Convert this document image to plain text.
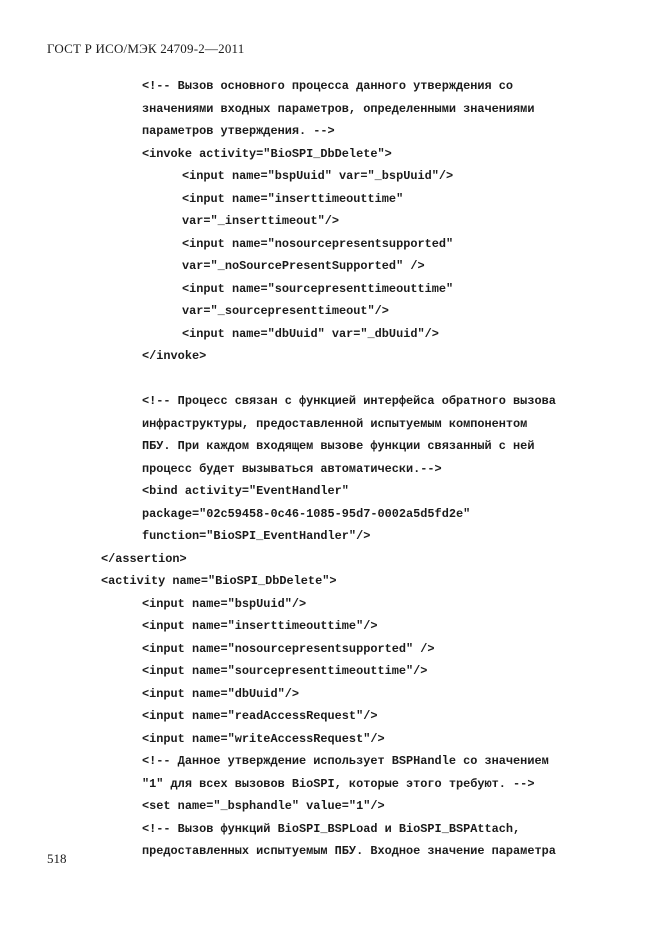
ГОСТ Р ИСО/МЭК 24709-2—2011
<!-- Вызов основного процесса данного утверждения со
значениями входных параметров, определенными значениями
параметров утверждения. -->
<invoke activity="BioSPI_DbDelete">
<input name="bspUuid" var="_bspUuid"/>
<input name="inserttimeouttime"
var="_inserttimeout"/>
<input name="nosourcepresentsupported"
var="_noSourcePresentSupported" />
<input name="sourcepresenttimeouttime"
var="_sourcepresenttimeout"/>
<input name="dbUuid" var="_dbUuid"/>
</invoke>
<!-- Процесс связан с функцией интерфейса обратного вызова
инфраструктуры, предоставленной испытуемым компонентом
ПБУ. При каждом входящем вызове функции связанный с ней
процесс будет вызываться автоматически.-->
<bind activity="EventHandler"
package="02c59458-0c46-1085-95d7-0002a5d5fd2e"
function="BioSPI_EventHandler"/>
</assertion>
<activity name="BioSPI_DbDelete">
<input name="bspUuid"/>
<input name="inserttimeouttime"/>
<input name="nosourcepresentsupported" />
<input name="sourcepresenttimeouttime"/>
<input name="dbUuid"/>
<input name="readAccessRequest"/>
<input name="writeAccessRequest"/>
<!-- Данное утверждение использует BSPHandle со значением
"1" для всех вызовов BioSPI, которые этого требуют. -->
<set name="_bsphandle" value="1"/>
<!-- Вызов функций BioSPI_BSPLoad и BioSPI_BSPAttach,
предоставленных испытуемым ПБУ. Входное значение параметра
518
